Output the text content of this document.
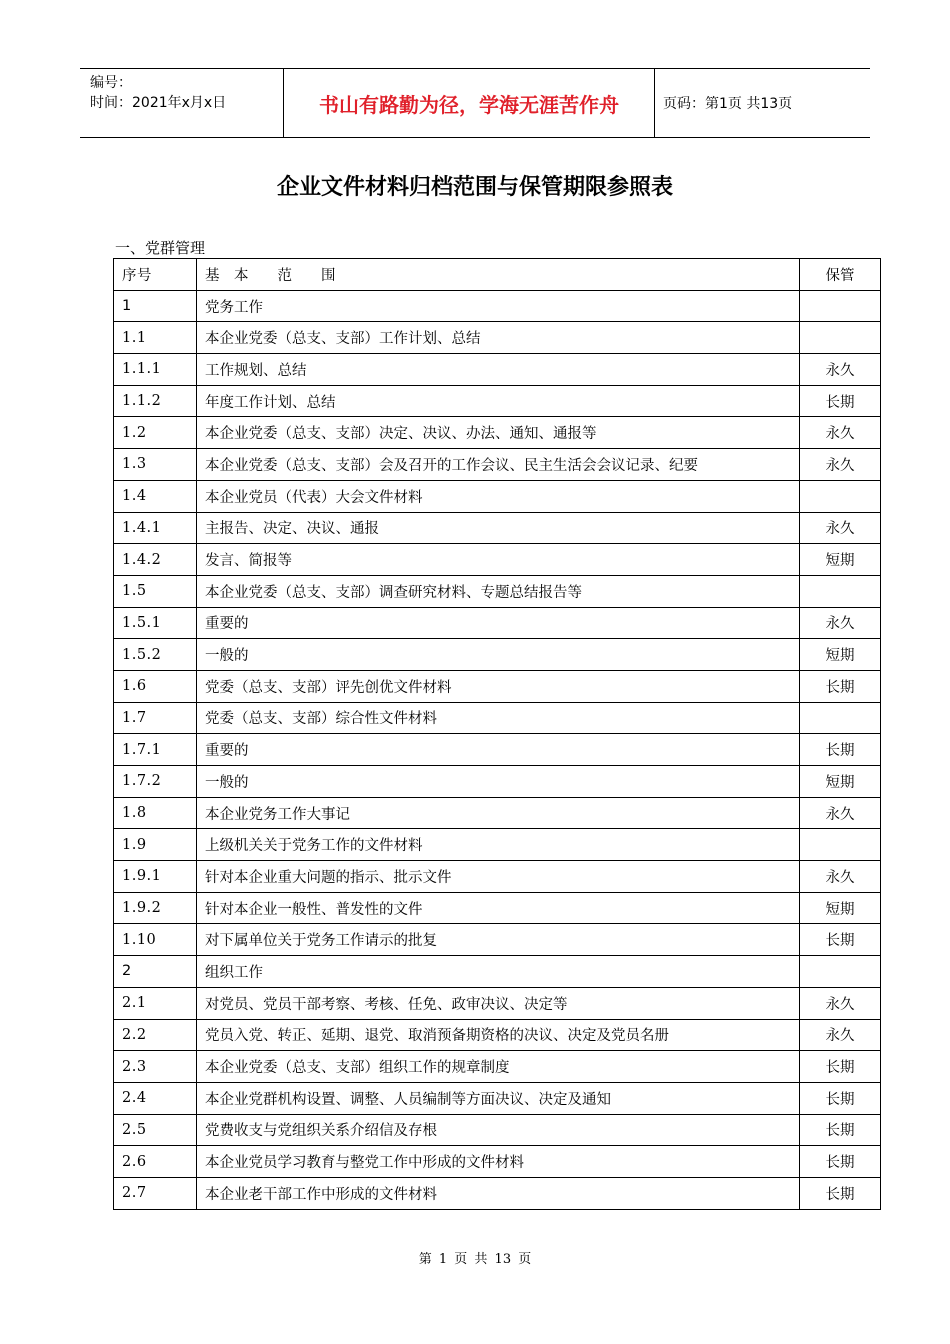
编号：
时间：2021年x月x日	书山有路勤为径，学海无涯苦作舟	页码：第1页 共13页
企业文件材料归档范围与保管期限参照表
一、党群管理
序号	基　本　　范　　围	保管
1	党务工作	
1.1	本企业党委（总支、支部）工作计划、总结	
1.1.1	工作规划、总结	永久
1.1.2	年度工作计划、总结	长期
1.2	本企业党委（总支、支部）决定、决议、办法、通知、通报等	永久
1.3	本企业党委（总支、支部）会及召开的工作会议、民主生活会会议记录、纪要	永久
1.4	本企业党员（代表）大会文件材料	
1.4.1	主报告、决定、决议、通报	永久
1.4.2	发言、简报等	短期
1.5	本企业党委（总支、支部）调查研究材料、专题总结报告等	
1.5.1	重要的	永久
1.5.2	一般的	短期
1.6	党委（总支、支部）评先创优文件材料	长期
1.7	党委（总支、支部）综合性文件材料	
1.7.1	重要的	长期
1.7.2	一般的	短期
1.8	本企业党务工作大事记	永久
1.9	上级机关关于党务工作的文件材料	
1.9.1	针对本企业重大问题的指示、批示文件	永久
1.9.2	针对本企业一般性、普发性的文件	短期
1.10	对下属单位关于党务工作请示的批复	长期
2	组织工作	
2.1	对党员、党员干部考察、考核、任免、政审决议、决定等	永久
2.2	党员入党、转正、延期、退党、取消预备期资格的决议、决定及党员名册	永久
2.3	本企业党委（总支、支部）组织工作的规章制度	长期
2.4	本企业党群机构设置、调整、人员编制等方面决议、决定及通知	长期
2.5	党费收支与党组织关系介绍信及存根	长期
2.6	本企业党员学习教育与整党工作中形成的文件材料	长期
2.7	本企业老干部工作中形成的文件材料	长期
第 1 页 共 13 页
